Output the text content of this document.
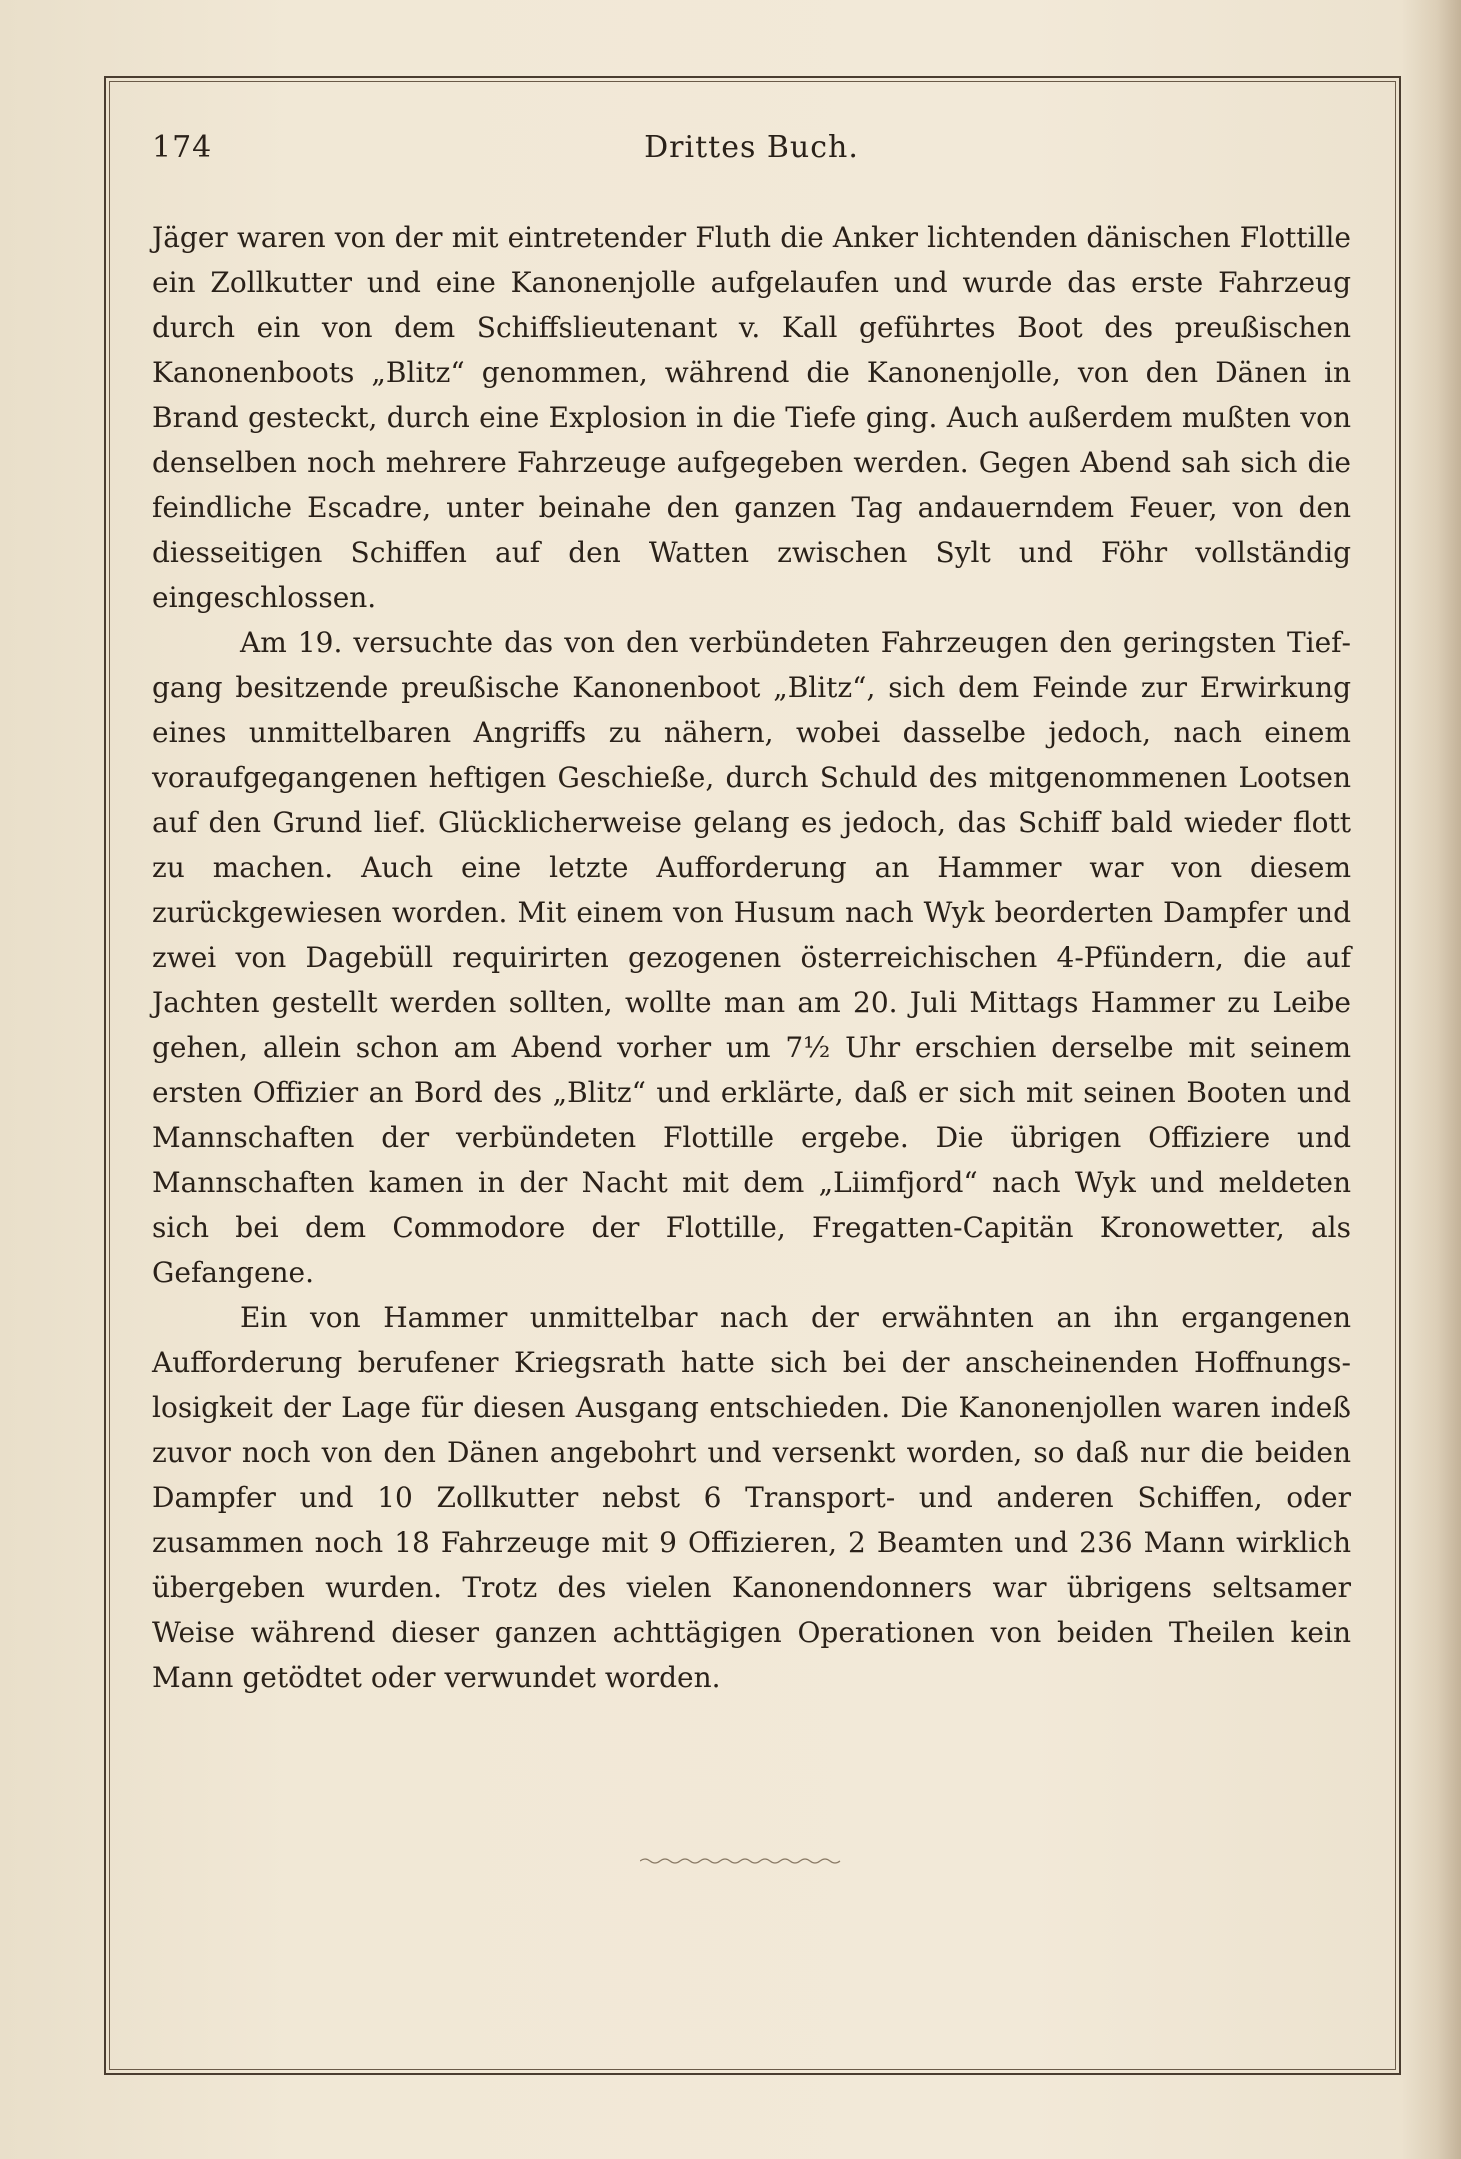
174	Drittes Buch.

Jäger waren von der mit eintretender Fluth die Anker lichtenden dänischen Flottille ein Zollkutter und eine Kanonenjolle aufgelaufen und wurde das erste Fahrzeug durch ein von dem Schiffslieutenant v. Kall geführtes Boot des preußischen Kanonenboots „Blitz“ genommen, während die Kanonenjolle, von den Dänen in Brand gesteckt, durch eine Explosion in die Tiefe ging. Auch außerdem mußten von denselben noch mehrere Fahrzeuge aufgegeben werden. Gegen Abend sah sich die feindliche Escadre, unter beinahe den ganzen Tag andauerndem Feuer, von den diesseitigen Schiffen auf den Watten zwischen Sylt und Föhr vollständig eingeschlossen.

Am 19. versuchte das von den verbündeten Fahrzeugen den geringsten Tiefgang besitzende preußische Kanonenboot „Blitz“, sich dem Feinde zur Erwirkung eines unmittelbaren Angriffs zu nähern, wobei dasselbe jedoch, nach einem voraufgegangenen heftigen Geschieße, durch Schuld des mitgenommenen Lootsen auf den Grund lief. Glücklicherweise gelang es jedoch, das Schiff bald wieder flott zu machen. Auch eine letzte Aufforderung an Hammer war von diesem zurückgewiesen worden. Mit einem von Husum nach Wyk beorderten Dampfer und zwei von Dagebüll requirirten gezogenen österreichischen 4-Pfündern, die auf Jachten gestellt werden sollten, wollte man am 20. Juli Mittags Hammer zu Leibe gehen, allein schon am Abend vorher um 7½ Uhr erschien derselbe mit seinem ersten Offizier an Bord des „Blitz“ und erklärte, daß er sich mit seinen Booten und Mannschaften der verbündeten Flottille ergebe. Die übrigen Offiziere und Mannschaften kamen in der Nacht mit dem „Liimfjord“ nach Wyk und meldeten sich bei dem Commodore der Flottille, Fregatten-Capitän Kronowetter, als Gefangene.

Ein von Hammer unmittelbar nach der erwähnten an ihn ergangenen Aufforderung berufener Kriegsrath hatte sich bei der anscheinenden Hoffnungslosigkeit der Lage für diesen Ausgang entschieden. Die Kanonenjollen waren indeß zuvor noch von den Dänen angebohrt und versenkt worden, so daß nur die beiden Dampfer und 10 Zollkutter nebst 6 Transport- und anderen Schiffen, oder zusammen noch 18 Fahrzeuge mit 9 Offizieren, 2 Beamten und 236 Mann wirklich übergeben wurden. Trotz des vielen Kanonendonners war übrigens seltsamer Weise während dieser ganzen achttägigen Operationen von beiden Theilen kein Mann getödtet oder verwundet worden.
